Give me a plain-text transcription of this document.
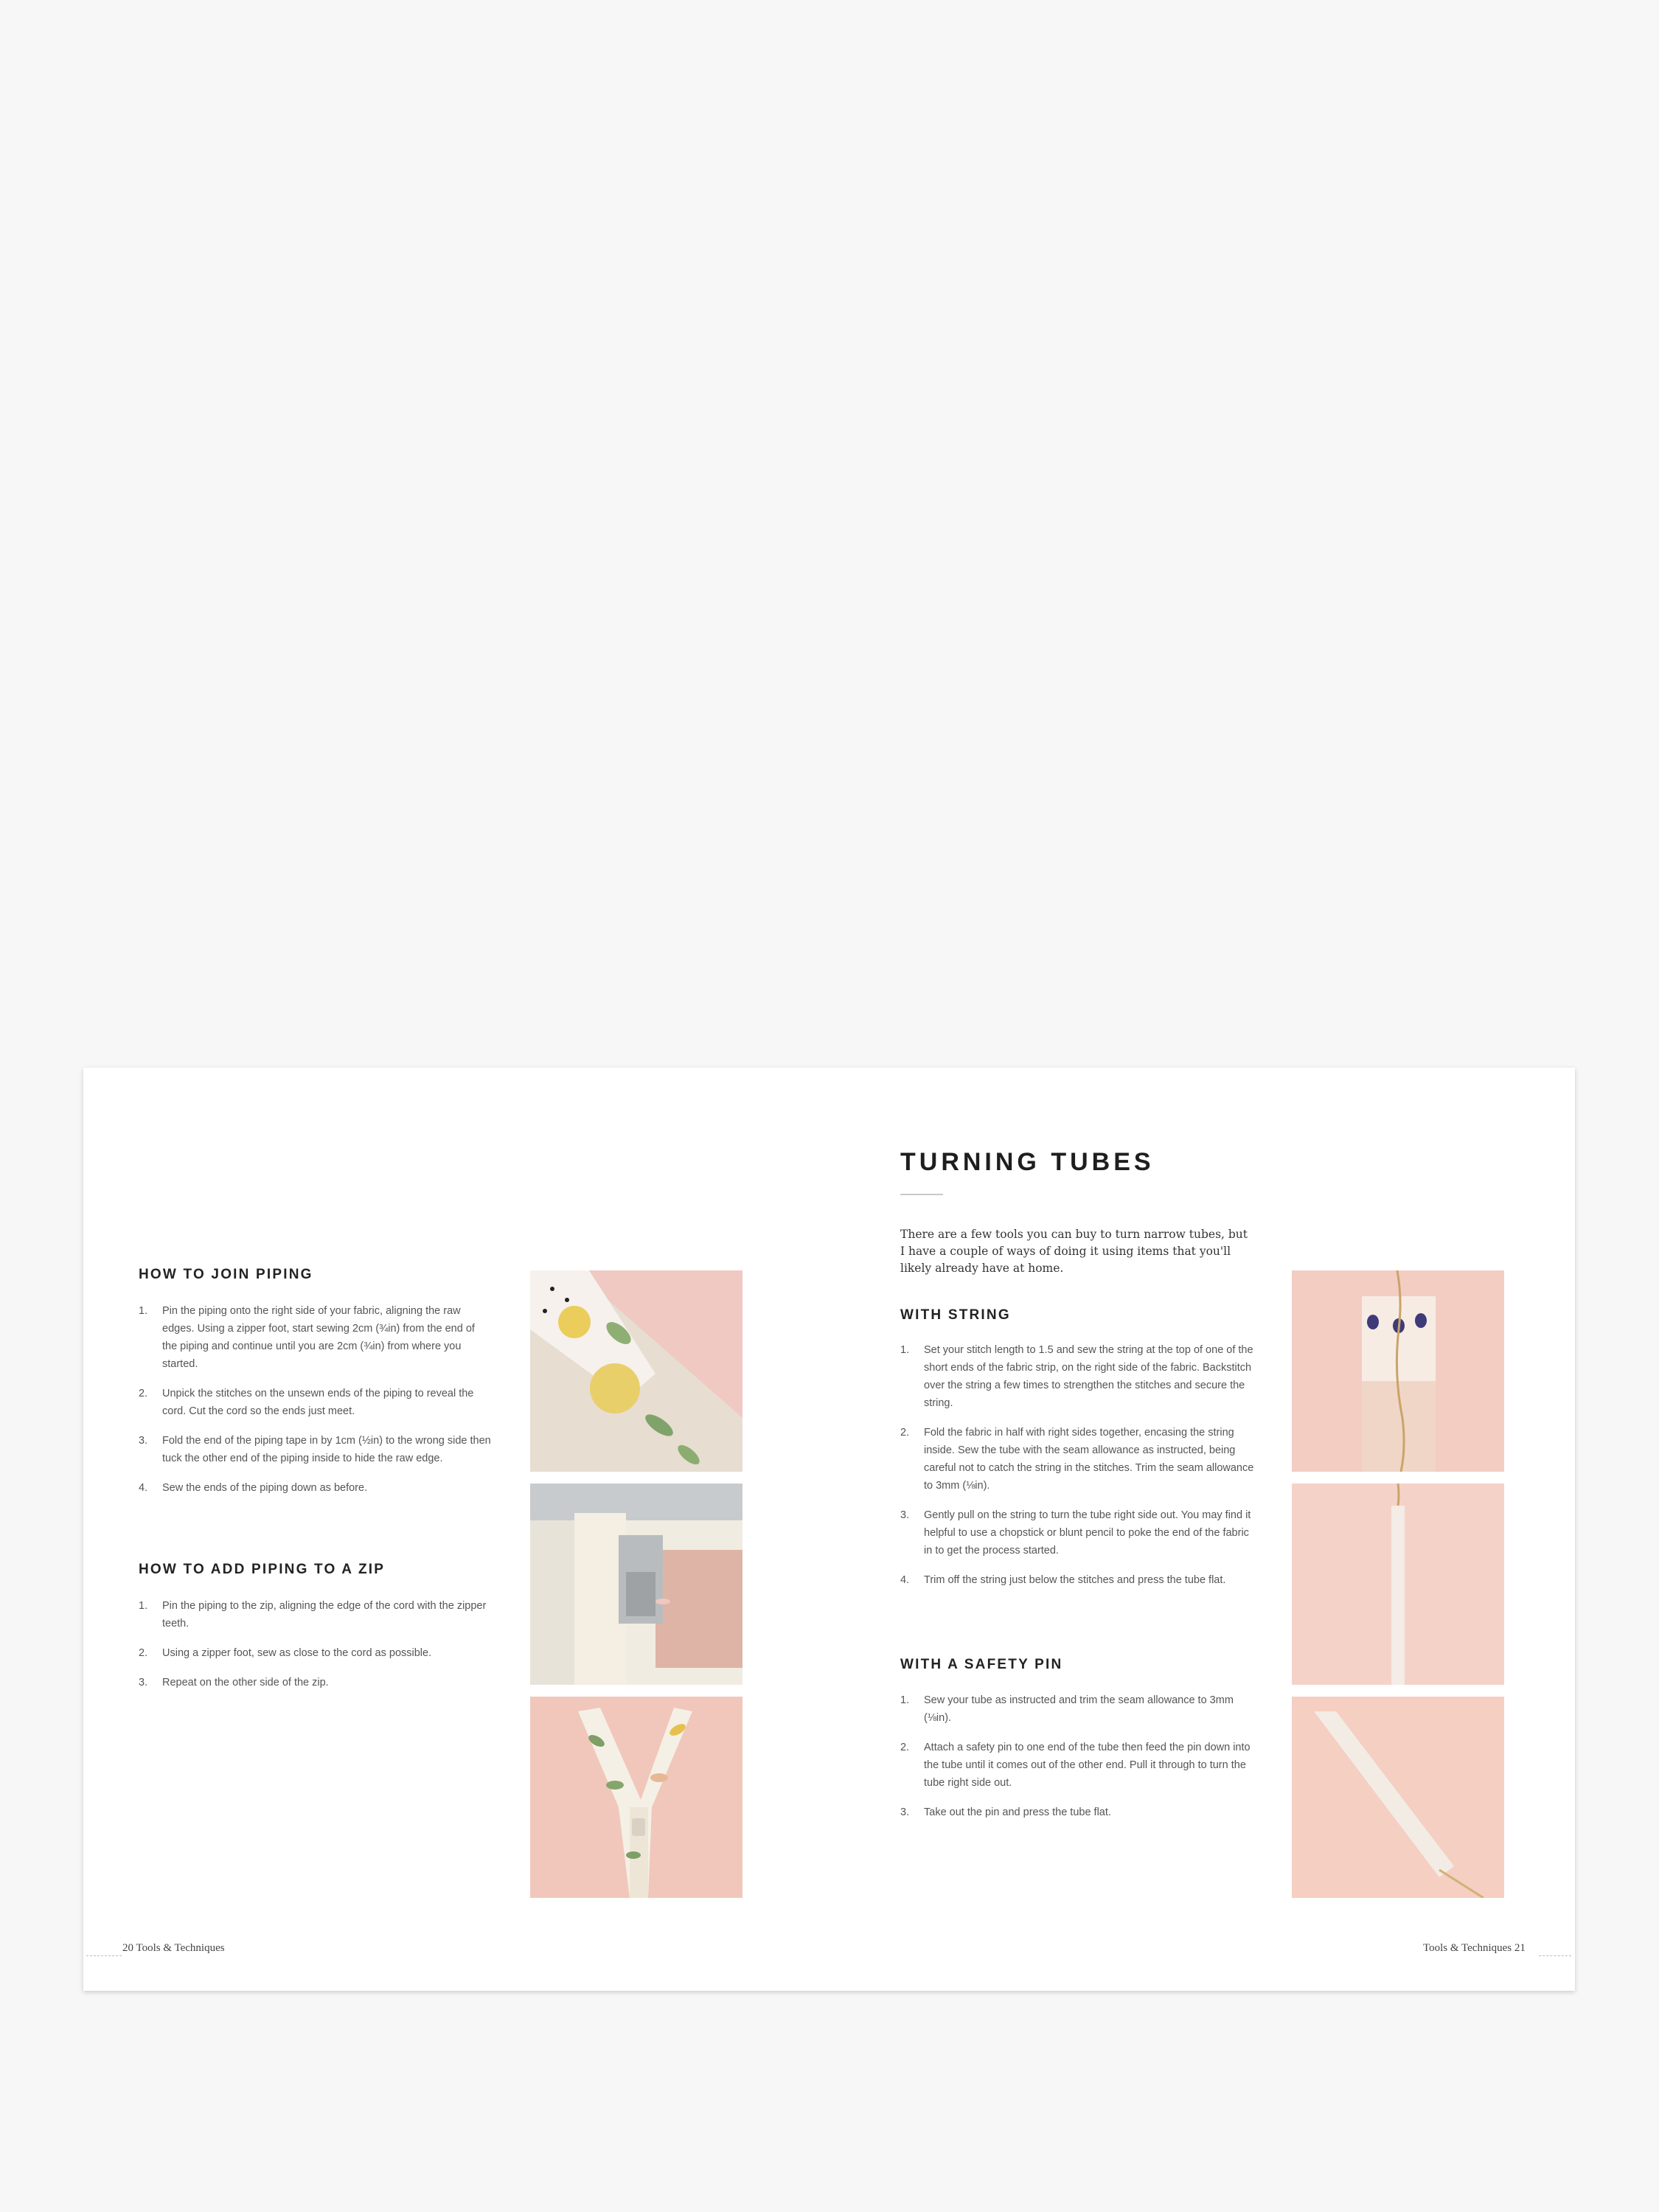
HOW TO JOIN PIPING
1. Pin the piping onto the right side of your fabric, aligning the raw edges. Using a zipper foot, start sewing 2cm (¾in) from the end of the piping and continue until you are 2cm (¾in) from where you started.
2. Unpick the stitches on the unsewn ends of the piping to reveal the cord. Cut the cord so the ends just meet.
3. Fold the end of the piping tape in by 1cm (½in) to the wrong side then tuck the other end of the piping inside to hide the raw edge.
4. Sew the ends of the piping down as before.
HOW TO ADD PIPING TO A ZIP
1. Pin the piping to the zip, aligning the edge of the cord with the zipper teeth.
2. Using a zipper foot, sew as close to the cord as possible.
3. Repeat on the other side of the zip.
TURNING TUBES

There are a few tools you can buy to turn narrow tubes, but I have a couple of ways of doing it using items that you'll likely already have at home.

WITH STRING
1. Set your stitch length to 1.5 and sew the string at the top of one of the short ends of the fabric strip, on the right side of the fabric. Backstitch over the string a few times to strengthen the stitches and secure the string.
2. Fold the fabric in half with right sides together, encasing the string inside. Sew the tube with the seam allowance as instructed, being careful not to catch the string in the stitches. Trim the seam allowance to 3mm (⅛in).
3. Gently pull on the string to turn the tube right side out. You may find it helpful to use a chopstick or blunt pencil to poke the end of the fabric in to get the process started.
4. Trim off the string just below the stitches and press the tube flat.
WITH A SAFETY PIN
1. Sew your tube as instructed and trim the seam allowance to 3mm (⅛in).
2. Attach a safety pin to one end of the tube then feed the pin down into the tube until it comes out of the other end. Pull it through to turn the tube right side out.
3. Take out the pin and press the tube flat.
20 Tools & Techniques	Tools & Techniques 21
